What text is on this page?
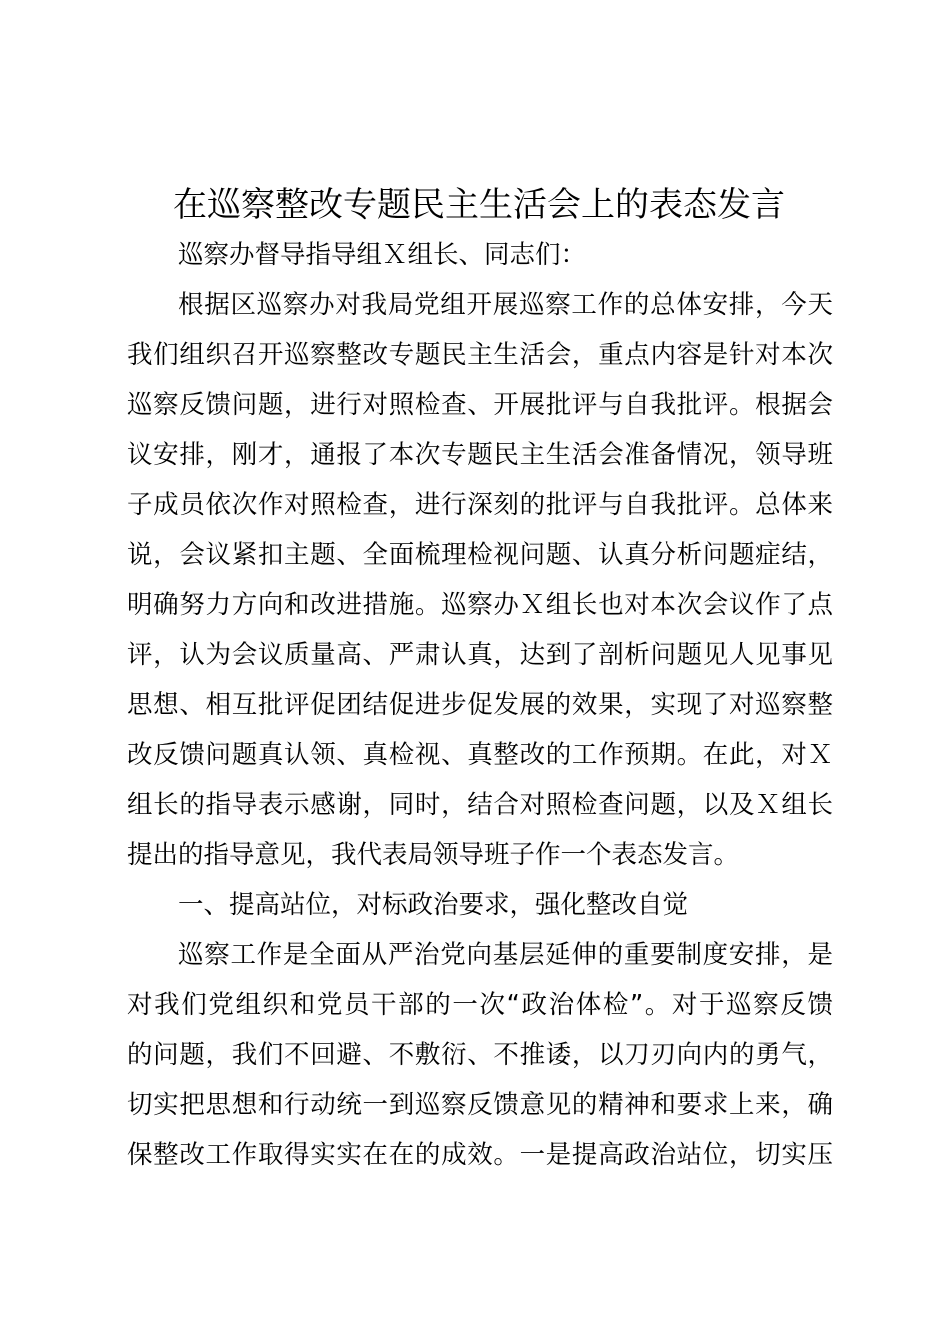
在巡察整改专题民主生活会上的表态发言
巡察办督导指导组Ｘ组长、同志们：
根据区巡察办对我局党组开展巡察工作的总体安排，今天
我们组织召开巡察整改专题民主生活会，重点内容是针对本次
巡察反馈问题，进行对照检查、开展批评与自我批评。根据会
议安排，刚才，通报了本次专题民主生活会准备情况，领导班
子成员依次作对照检查，进行深刻的批评与自我批评。总体来
说，会议紧扣主题、全面梳理检视问题、认真分析问题症结，
明确努力方向和改进措施。巡察办Ｘ组长也对本次会议作了点
评，认为会议质量高、严肃认真，达到了剖析问题见人见事见
思想、相互批评促团结促进步促发展的效果，实现了对巡察整
改反馈问题真认领、真检视、真整改的工作预期。在此，对Ｘ
组长的指导表示感谢，同时，结合对照检查问题，以及Ｘ组长
提出的指导意见，我代表局领导班子作一个表态发言。
一、提高站位，对标政治要求，强化整改自觉
巡察工作是全面从严治党向基层延伸的重要制度安排，是
对我们党组织和党员干部的一次“政治体检”。对于巡察反馈
的问题，我们不回避、不敷衍、不推诿，以刀刃向内的勇气，
切实把思想和行动统一到巡察反馈意见的精神和要求上来，确
保整改工作取得实实在在的成效。一是提高政治站位，切实压
